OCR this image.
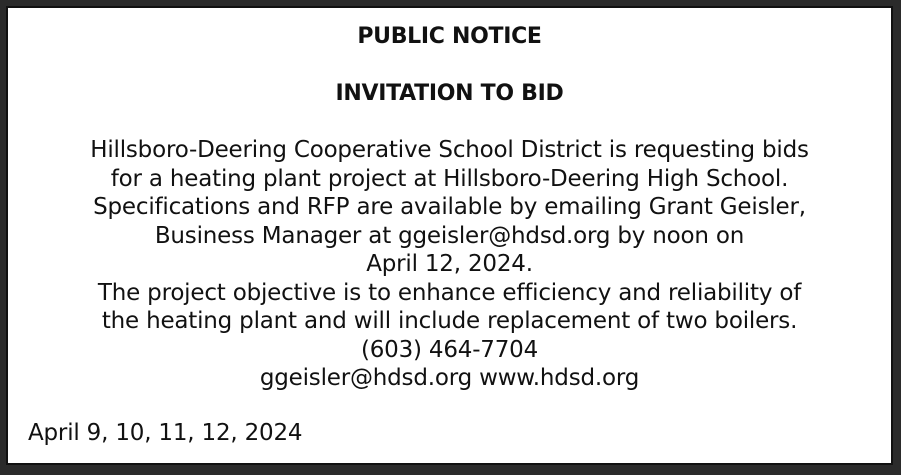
PUBLIC NOTICE
INVITATION TO BID
Hillsboro-Deering Cooperative School District is requesting bids
for a heating plant project at Hillsboro-Deering High School.
Specifications and RFP are available by emailing Grant Geisler,
Business Manager at ggeisler@hdsd.org by noon on
April 12, 2024.
The project objective is to enhance efficiency and reliability of
the heating plant and will include replacement of two boilers.
(603) 464-7704
ggeisler@hdsd.org www.hdsd.org
April 9, 10, 11, 12, 2024
